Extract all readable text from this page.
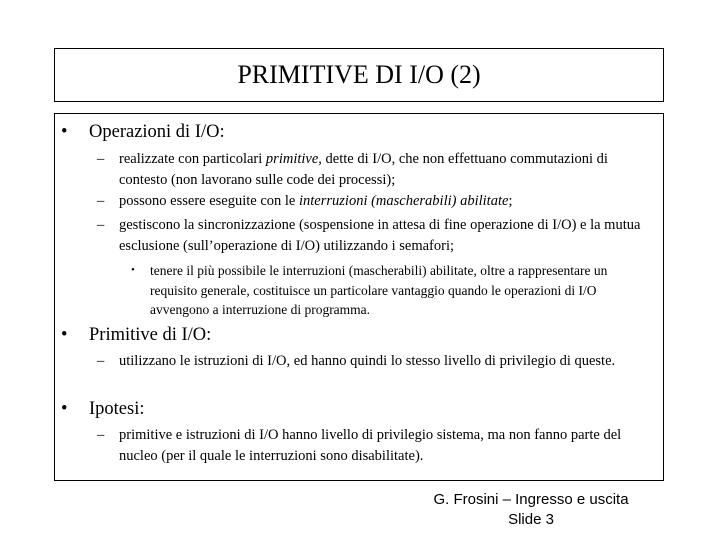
PRIMITIVE DI I/O (2)
•	Operazioni di I/O:
–	realizzate con particolari primitive, dette di I/O, che non effettuano commutazioni di contesto (non lavorano sulle code dei processi);
–	possono essere eseguite con le interruzioni (mascherabili) abilitate;
–	gestiscono la sincronizzazione (sospensione in attesa di fine operazione di I/O) e la mutua esclusione (sull’operazione di I/O) utilizzando i semafori;
•	tenere il più possibile le interruzioni (mascherabili) abilitate, oltre a rappresentare un requisito generale, costituisce un particolare vantaggio quando le operazioni di I/O avvengono a interruzione di programma.
•	Primitive di I/O:
–	utilizzano le istruzioni di I/O, ed hanno quindi lo stesso livello di privilegio di queste.
•	Ipotesi:
–	primitive e istruzioni di I/O hanno livello di privilegio sistema, ma non fanno parte del nucleo (per il quale le interruzioni sono disabilitate).
G. Frosini – Ingresso e uscita
Slide 3
